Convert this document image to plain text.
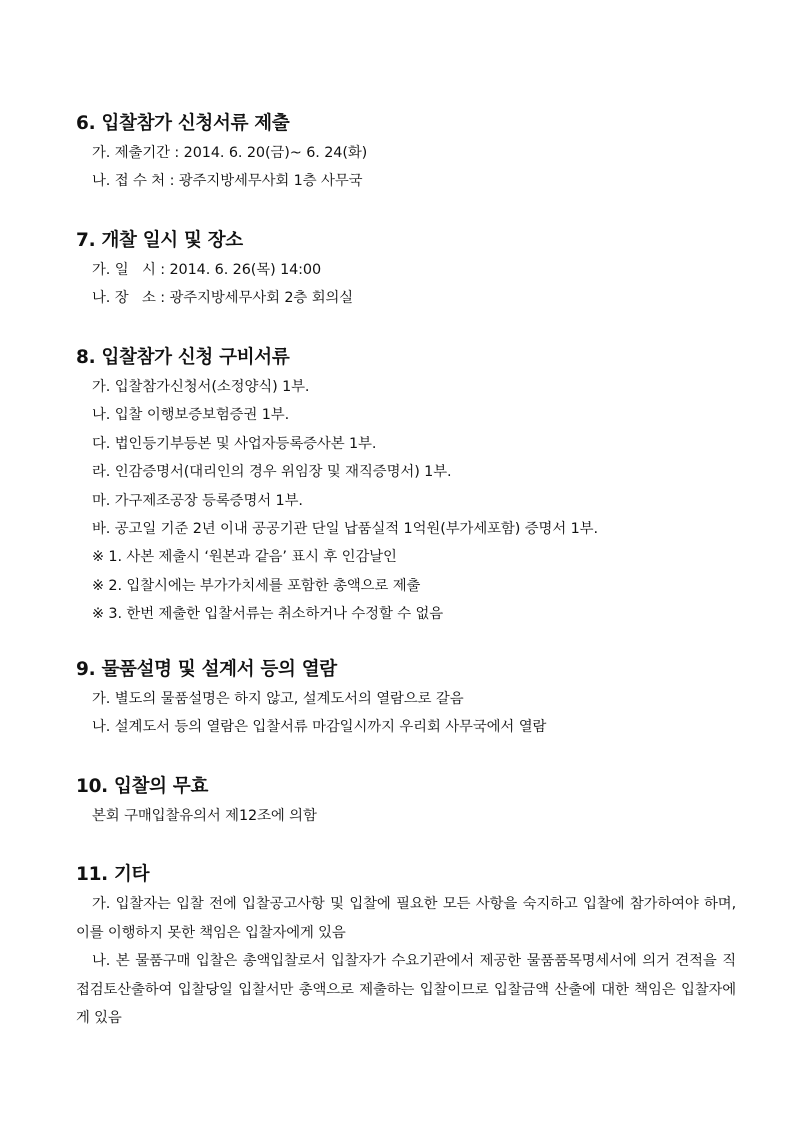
6. 입찰참가 신청서류 제출

가. 제출기간 : 2014. 6. 20(금)~ 6. 24(화)

나. 접 수 처 : 광주지방세무사회 1층 사무국

7. 개찰 일시 및 장소

가. 일   시 : 2014. 6. 26(목) 14:00

나. 장   소 : 광주지방세무사회 2층 회의실

8. 입찰참가 신청 구비서류

가. 입찰참가신청서(소정양식) 1부.

나. 입찰 이행보증보험증권 1부.

다. 법인등기부등본 및 사업자등록증사본 1부.

라. 인감증명서(대리인의 경우 위임장 및 재직증명서) 1부.

마. 가구제조공장 등록증명서 1부.

바. 공고일 기준 2년 이내 공공기관 단일 납품실적 1억원(부가세포함) 증명서 1부.

※ 1. 사본 제출시 ‘원본과 같음’ 표시 후 인감날인

※ 2. 입찰시에는 부가가치세를 포함한 총액으로 제출

※ 3. 한번 제출한 입찰서류는 취소하거나 수정할 수 없음

9. 물품설명 및 설계서 등의 열람

가. 별도의 물품설명은 하지 않고, 설계도서의 열람으로 갈음

나. 설계도서 등의 열람은 입찰서류 마감일시까지 우리회 사무국에서 열람

10. 입찰의 무효

본회 구매입찰유의서 제12조에 의함

11. 기타

가. 입찰자는 입찰 전에 입찰공고사항 및 입찰에 필요한 모든 사항을 숙지하고 입찰에 참가하여야 하며, 이를 이행하지 못한 책임은 입찰자에게 있음

나. 본 물품구매 입찰은 총액입찰로서 입찰자가 수요기관에서 제공한 물품품목명세서에 의거 견적을 직접검토산출하여 입찰당일 입찰서만 총액으로 제출하는 입찰이므로 입찰금액 산출에 대한 책임은 입찰자에게 있음
